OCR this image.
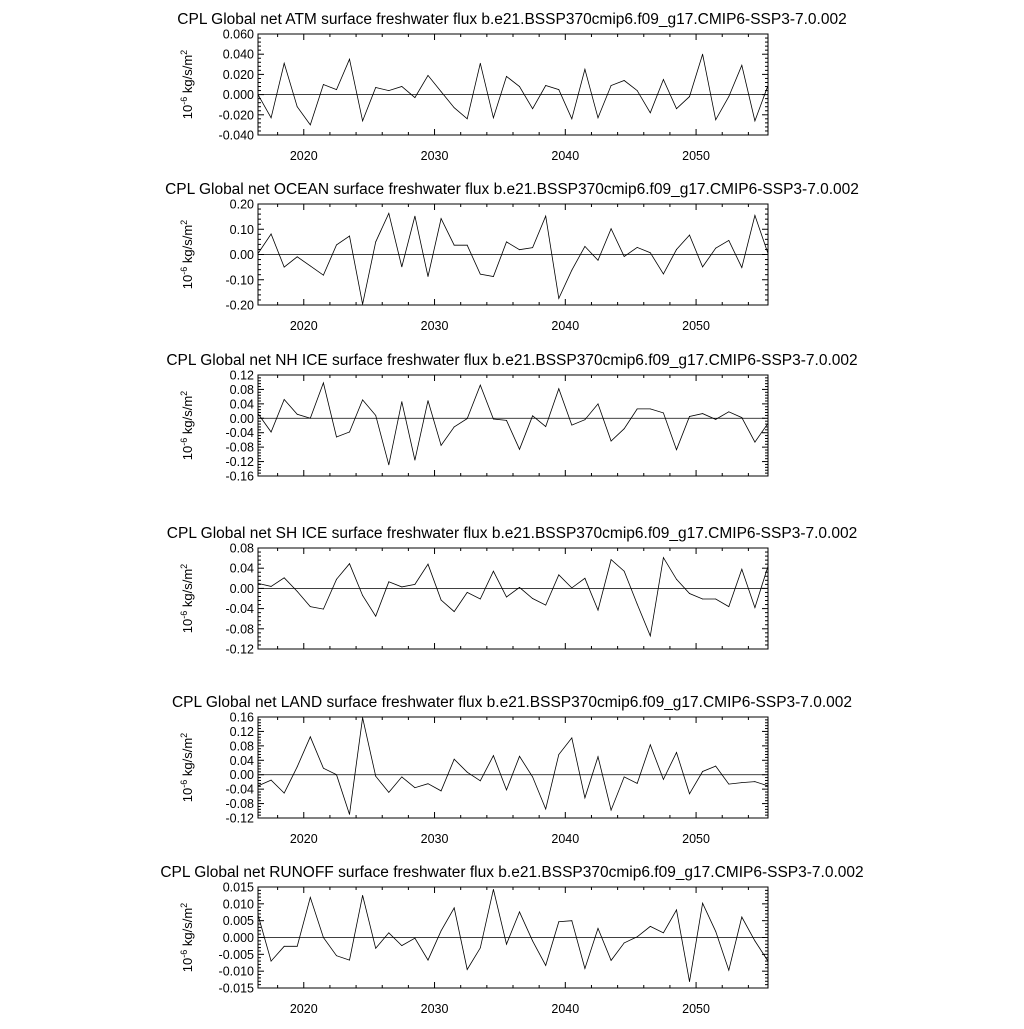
CPL Global net ATM surface freshwater flux b.e21.BSSP370cmip6.f09_g17.CMIP6-SSP3-7.0.002
2020	2030	2040	2050
0.060
0.040
0.020
0.000
-0.020
-0.040
$10^{-6}$ $kg/s/m^2$
CPL Global net OCEAN surface freshwater flux b.e21.BSSP370cmip6.f09_g17.CMIP6-SSP3-7.0.002
2020	2030	2040	2050
0.20
0.10
0.00
-0.10
-0.20
$10^{-6}$ $kg/s/m^2$
CPL Global net NH ICE surface freshwater flux b.e21.BSSP370cmip6.f09_g17.CMIP6-SSP3-7.0.002
0.12
0.08
0.04
0.00
-0.04
-0.08
-0.12
-0.16
$10^{-6}$ $kg/s/m^2$
CPL Global net SH ICE surface freshwater flux b.e21.BSSP370cmip6.f09_g17.CMIP6-SSP3-7.0.002
0.08
0.04
0.00
-0.04
-0.08
-0.12
$10^{-6}$ $kg/s/m^2$
CPL Global net LAND surface freshwater flux b.e21.BSSP370cmip6.f09_g17.CMIP6-SSP3-7.0.002
2020	2030	2040	2050
0.16
0.12
0.08
0.04
0.00
-0.04
-0.08
-0.12
$10^{-6}$ $kg/s/m^2$
CPL Global net RUNOFF surface freshwater flux b.e21.BSSP370cmip6.f09_g17.CMIP6-SSP3-7.0.002
2020	2030	2040	2050
0.015
0.010
0.005
0.000
-0.005
-0.010
-0.015
$10^{-6}$ $kg/s/m^2$
